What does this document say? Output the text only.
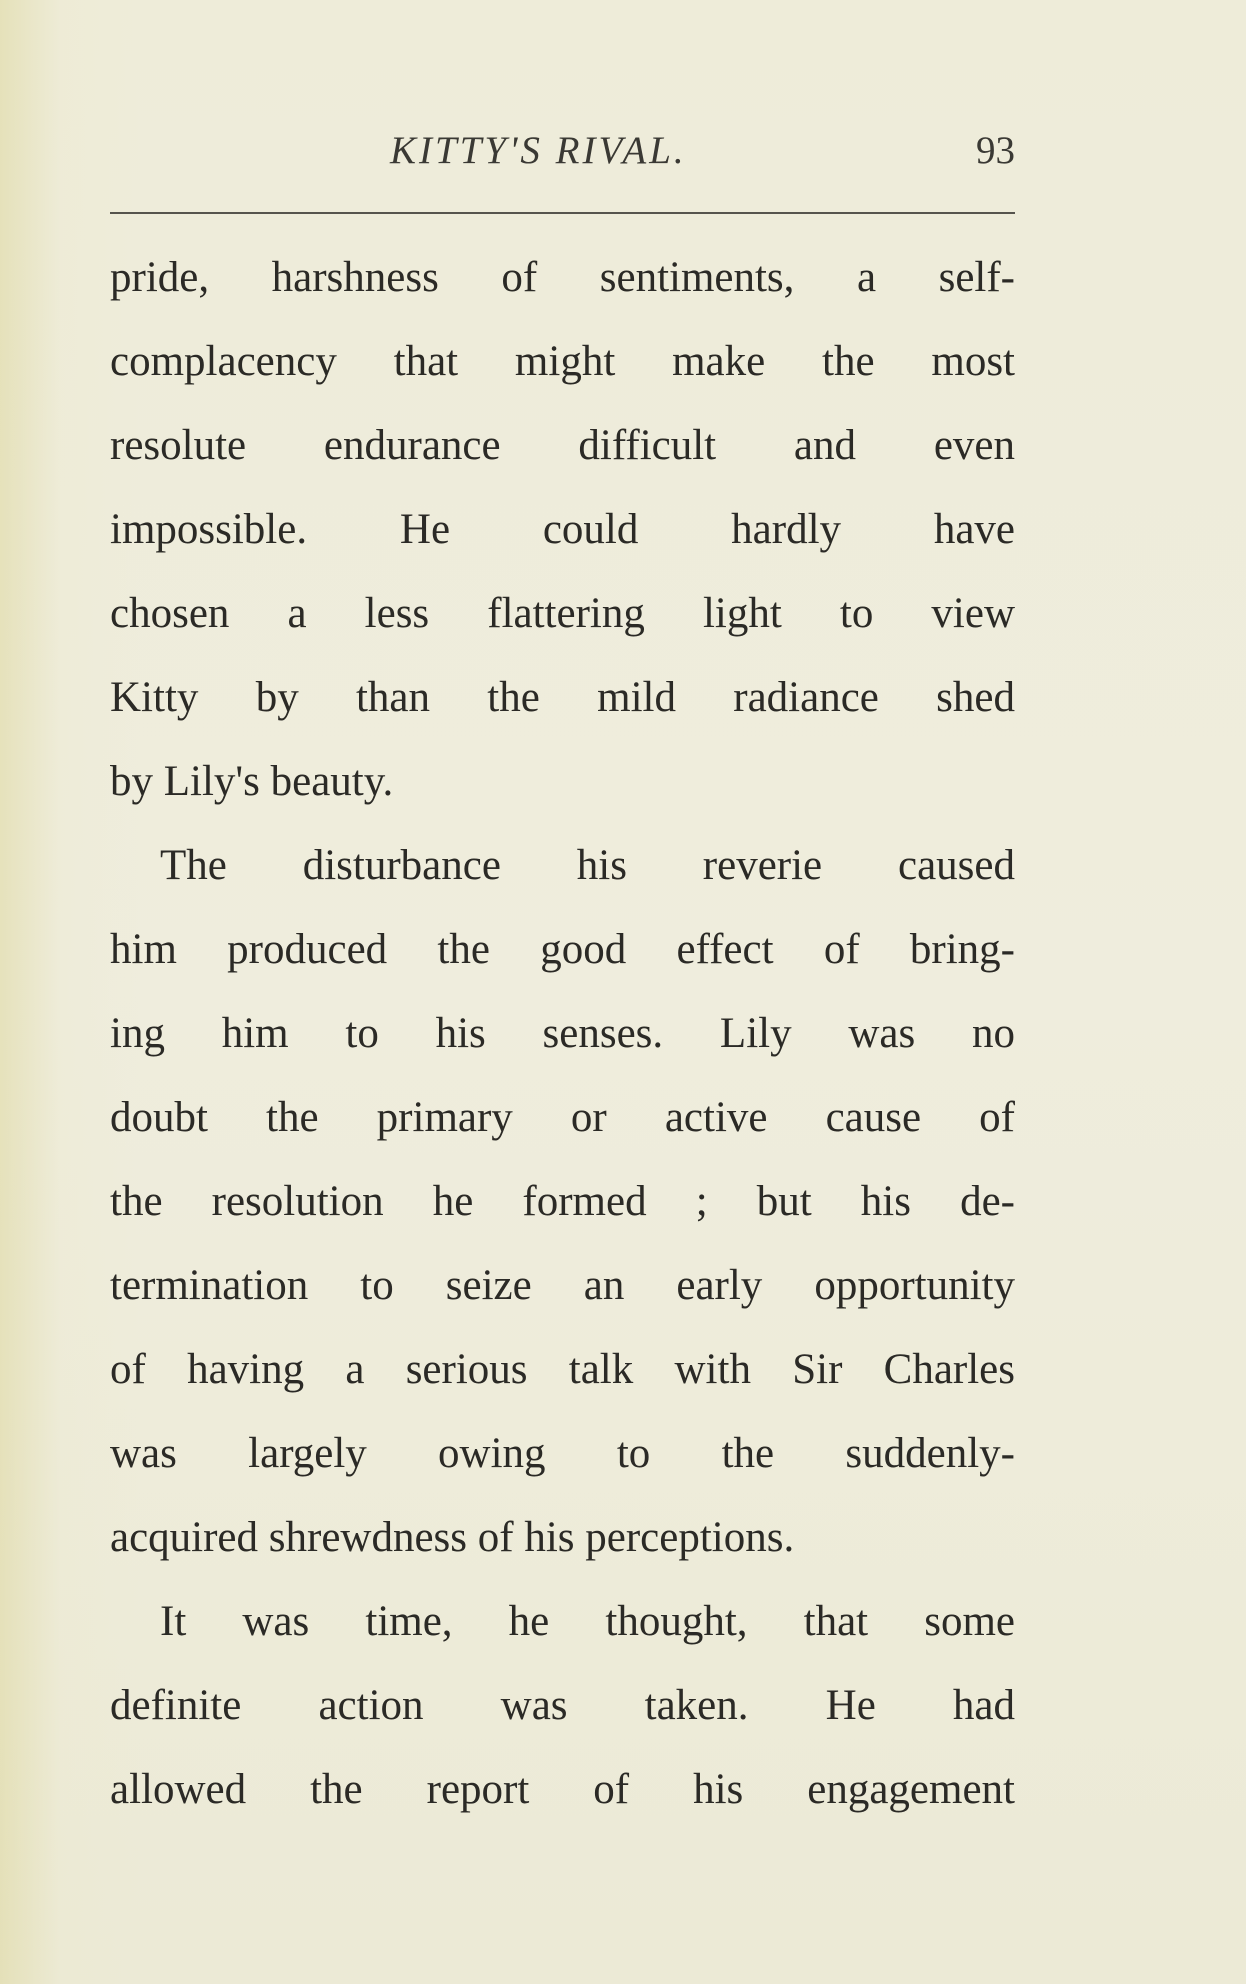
KITTY'S RIVAL.	93
pride, harshness of sentiments, a self-
complacency that might make the most
resolute endurance difficult and even
impossible. He could hardly have
chosen a less flattering light to view
Kitty by than the mild radiance shed
by Lily's beauty.
The disturbance his reverie caused
him produced the good effect of bring-
ing him to his senses. Lily was no
doubt the primary or active cause of
the resolution he formed ; but his de-
termination to seize an early opportunity
of having a serious talk with Sir Charles
was largely owing to the suddenly-
acquired shrewdness of his perceptions.
It was time, he thought, that some
definite action was taken. He had
allowed the report of his engagement
